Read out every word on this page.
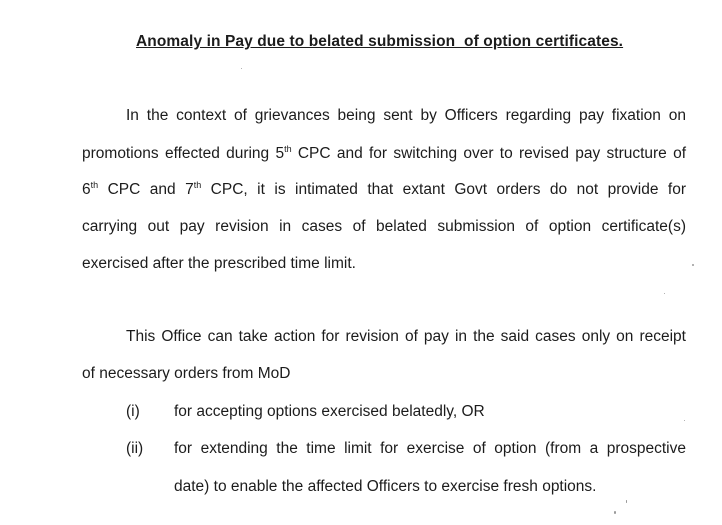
Anomaly in Pay due to belated submission  of option certificates.
In the context of grievances being sent by Officers regarding pay fixation on
promotions effected during 5th CPC and for switching over to revised pay structure of
6th CPC and 7th CPC, it is intimated that extant Govt orders do not provide for
carrying out pay revision in cases of belated submission of option certificate(s)
exercised after the prescribed time limit.
This Office can take action for revision of pay in the said cases only on receipt
of necessary orders from MoD
(i) for accepting options exercised belatedly, OR
(ii) for extending the time limit for exercise of option (from a prospective
date) to enable the affected Officers to exercise fresh options.
